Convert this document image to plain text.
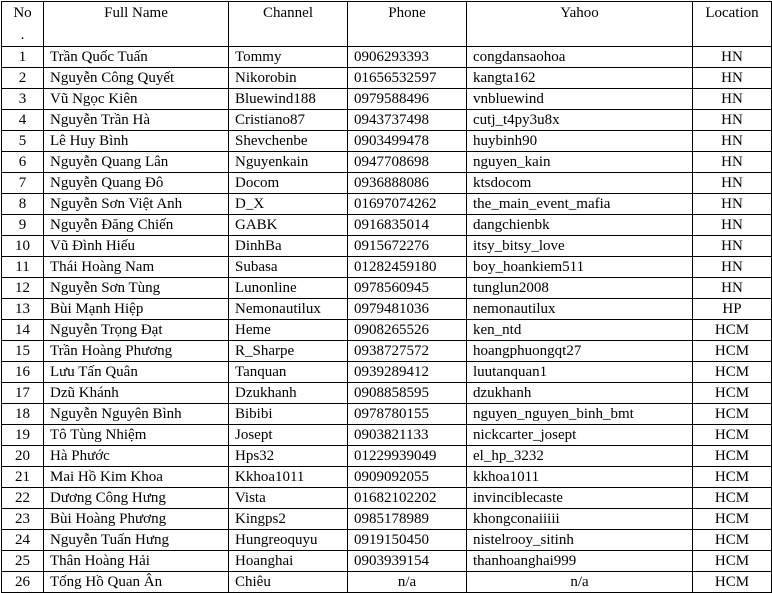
No
.	Full Name	Channel	Phone	Yahoo	Location
1	Trần Quốc Tuấn	Tommy	0906293393	congdansaohoa	HN
2	Nguyễn Công Quyết	Nikorobin	01656532597	kangta162	HN
3	Vũ Ngọc Kiên	Bluewind188	0979588496	vnbluewind	HN
4	Nguyễn Trần Hà	Cristiano87	0943737498	cutj_t4py3u8x	HN
5	Lê Huy Bình	Shevchenbe	0903499478	huybinh90	HN
6	Nguyễn Quang Lân	Nguyenkain	0947708698	nguyen_kain	HN
7	Nguyễn Quang Đô	Docom	0936888086	ktsdocom	HN
8	Nguyễn Sơn Việt Anh	D_X	01697074262	the_main_event_mafia	HN
9	Nguyễn Đăng Chiến	GABK	0916835014	dangchienbk	HN
10	Vũ Đình Hiếu	DinhBa	0915672276	itsy_bitsy_love	HN
11	Thái Hoàng Nam	Subasa	01282459180	boy_hoankiem511	HN
12	Nguyễn Sơn Tùng	Lunonline	0978560945	tunglun2008	HN
13	Bùi Mạnh Hiệp	Nemonautilux	0979481036	nemonautilux	HP
14	Nguyễn Trọng Đạt	Heme	0908265526	ken_ntd	HCM
15	Trần Hoàng Phương	R_Sharpe	0938727572	hoangphuongqt27	HCM
16	Lưu Tấn Quân	Tanquan	0939289412	luutanquan1	HCM
17	Dzũ Khánh	Dzukhanh	0908858595	dzukhanh	HCM
18	Nguyễn Nguyên Bình	Bibibi	0978780155	nguyen_nguyen_binh_bmt	HCM
19	Tô Tùng Nhiệm	Josept	0903821133	nickcarter_josept	HCM
20	Hà Phước	Hps32	01229939049	el_hp_3232	HCM
21	Mai Hồ Kim Khoa	Kkhoa1011	0909092055	kkhoa1011	HCM
22	Dương Công Hưng	Vista	01682102202	invinciblecaste	HCM
23	Bùi Hoàng Phương	Kingps2	0985178989	khongconaiiiii	HCM
24	Nguyễn Tuấn Hưng	Hungreoquyu	0919150450	nistelrooy_sitinh	HCM
25	Thân Hoàng Hải	Hoanghai	0903939154	thanhoanghai999	HCM
26	Tống Hồ Quan Ân	Chiêu	n/a	n/a	HCM
